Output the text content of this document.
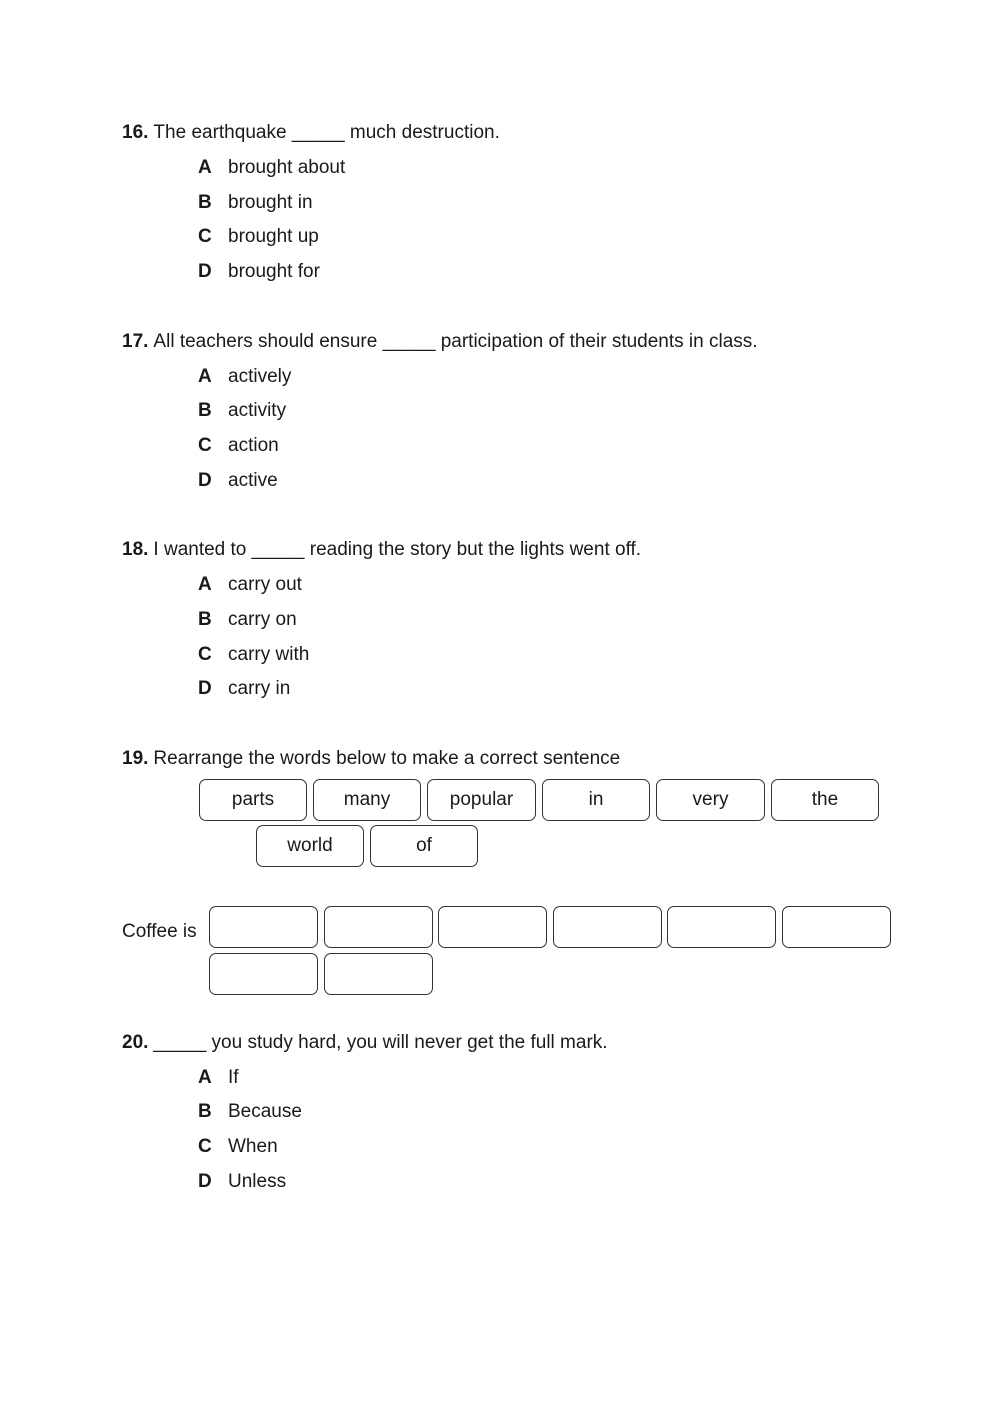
16. The earthquake _____ much destruction.
A brought about
B brought in
C brought up
D brought for
17. All teachers should ensure _____ participation of their students in class.
A actively
B activity
C action
D active
18. I wanted to _____ reading the story but the lights went off.
A carry out
B carry on
C carry with
D carry in
19. Rearrange the words below to make a correct sentence
parts	many	popular	in	very	the
world	of
Coffee is
20. _____ you study hard, you will never get the full mark.
A If
B Because
C When
D Unless
